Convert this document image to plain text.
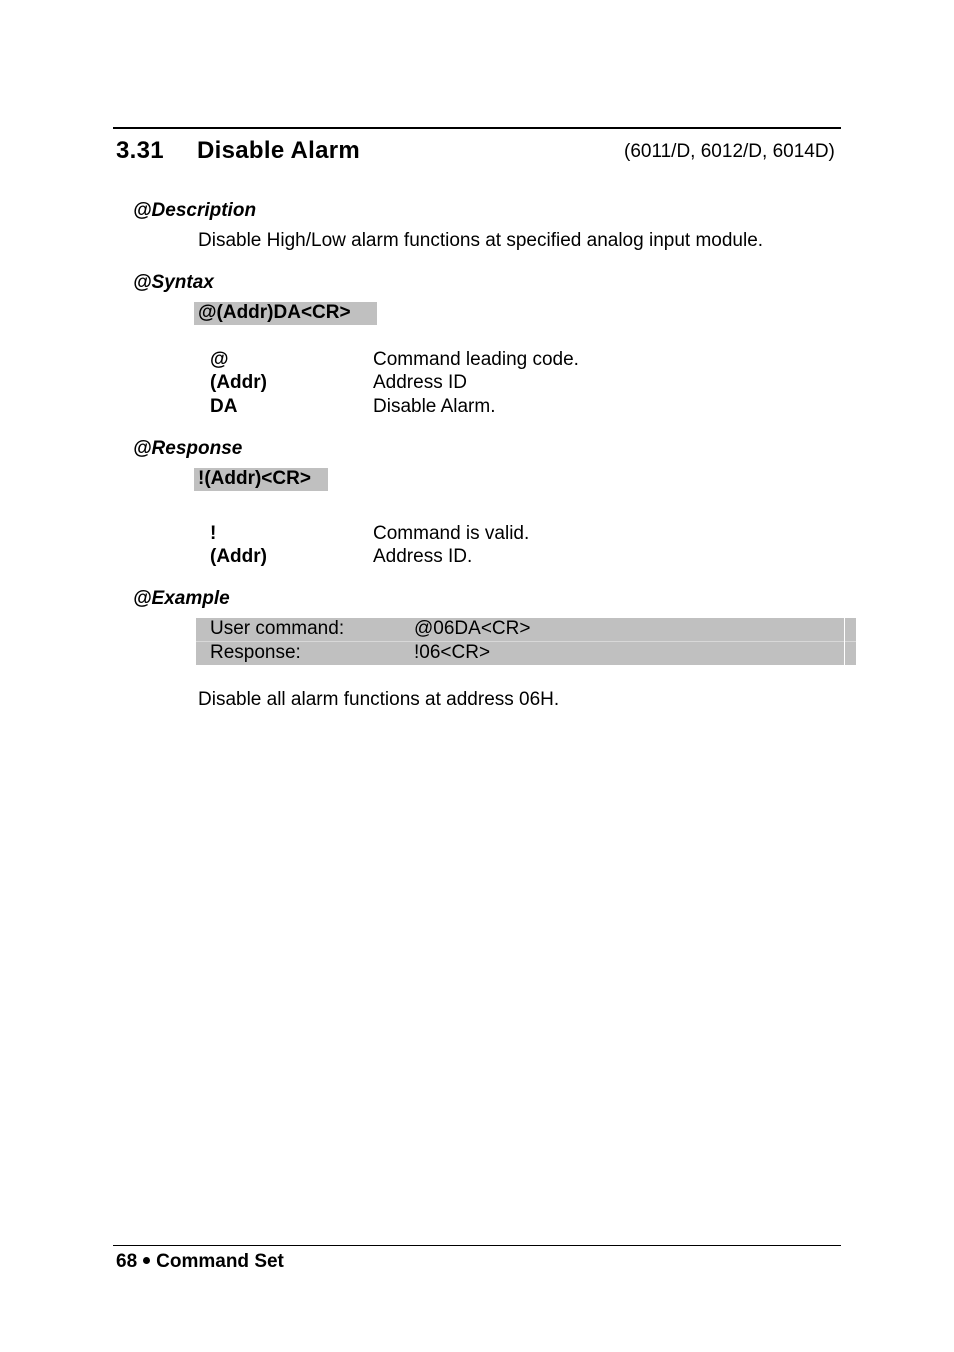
3.31 Disable Alarm	(6011/D, 6012/D, 6014D)
@Description
Disable High/Low alarm functions at specified analog input module.
@Syntax
@(Addr)DA<CR>
@	Command leading code.
(Addr)	Address ID
DA	Disable Alarm.
@Response
!(Addr)<CR>
!	Command is valid.
(Addr)	Address ID.
@Example
User command:	@06DA<CR>
Response:	!06<CR>
Disable all alarm functions at address 06H.
68 Command Set
